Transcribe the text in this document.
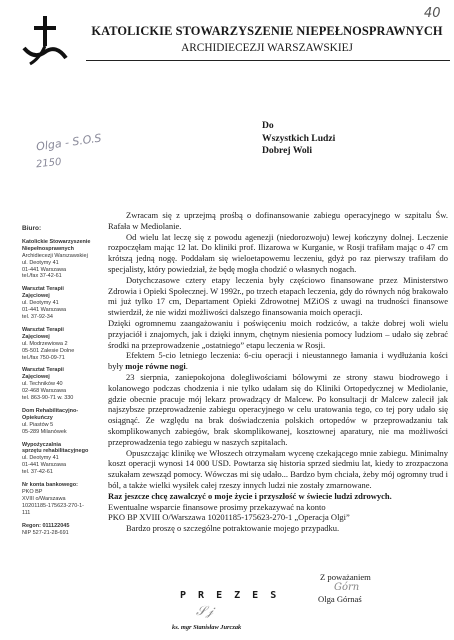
40
KATOLICKIE STOWARZYSZENIE NIEPEŁNOSPRAWNYCH
ARCHIDIECEZJI WARSZAWSKIEJ
Olga - S.O.S
2150
Do
Wszystkich Ludzi
Dobrej Woli
Biuro:
Katolickie Stowarzyszenie
Niepełnosprawnych
Archidiecezji Warszawskiej
ul. Deotymy 41
01-441 Warszawa
tel./fax 37-42-61
Warsztat Terapii
Zajęciowej
ul. Deotymy 41
01-441 Warszawa
tel. 37-92-34
Warsztat Terapii
Zajęciowej
ul. Modrzewiowa 2
05-501 Zalesie Dolne
tel./fax 750-09-71
Warsztat Terapii
Zajęciowej
ul. Techników 40
02-468 Warszawa
tel. 863-90-71 w. 330
Dom Rehabilitacyjno-
Opiekuńczy
ul. Piastów 5
05-289 Milanówek
Wypożyczalnia
sprzętu rehabilitacyjnego
ul. Deotymy 41
01-441 Warszawa
tel. 37-42-61
Nr konta bankowego:
PKO BP
XVIII o/Warszawa
10201185-175623-270-1-111
Regon: 011122045
NIP 527-21-28-691

Zwracam się z uprzejmą prośbą o dofinansowanie zabiegu operacyjnego w szpitalu Św. Rafała w Mediolanie.

Od wielu lat leczę się z powodu agenezji (niedorozwoju) lewej kończyny dolnej. Leczenie rozpoczęłam mając 12 lat. Do kliniki prof. Ilizarowa w Kurganie, w Rosji trafiłam mając o 47 cm krótszą jedną nogę. Poddałam się wieloetapowemu leczeniu, gdyż po raz pierwszy trafiłam do specjalisty, który powiedział, że będę mogła chodzić o własnych nogach.

Dotychczasowe cztery etapy leczenia były częściowo finansowane przez Ministerstwo Zdrowia i Opieki Społecznej. W 1992r., po trzech etapach leczenia, gdy do równych nóg brakowało mi już tylko 17 cm, Departament Opieki Zdrowotnej MZiOS z uwagi na trudności finansowe stwierdził, że nie widzi możliwości dalszego finansowania moich operacji.

Dzięki ogromnemu zaangażowaniu i poświęceniu moich rodziców, a także dobrej woli wielu przyjaciół i znajomych, jak i dzięki innym, chętnym niesienia pomocy ludziom – udało się zebrać środki na przeprowadzenie „ostatniego” etapu leczenia w Rosji.

Efektem 5-cio letniego leczenia: 6-ciu operacji i nieustannego łamania i wydłużania kości były moje równe nogi.

23 sierpnia, zaniepokojona dolegliwościami bólowymi ze strony stawu biodrowego i kolanowego podczas chodzenia i nie tylko udałam się do Kliniki Ortopedycznej w Mediolanie, gdzie obecnie pracuje mój lekarz prowadzący dr Malcew. Po konsultacji dr Malcew zalecił jak najszybsze przeprowadzenie zabiegu operacyjnego w celu uratowania tego, co tej pory udało się osiągnąć. Ze względu na brak doświadczenia polskich ortopedów w przeprowadzaniu tak skomplikowanych zabiegów, brak skomplikowanej, kosztownej aparatury, nie ma możliwości przeprowadzenia tego zabiegu w naszych szpitalach.

Opuszczając klinikę we Włoszech otrzymałam wycenę czekającego mnie zabiegu. Minimalny koszt operacji wynosi 14 000 USD. Powtarza się historia sprzed siedmiu lat, kiedy to zrozpaczona szukałam zewsząd pomocy. Wówczas mi się udało... Bardzo bym chciała, żeby mój ogromny trud i ból, a także wielki wysiłek całej rzeszy innych ludzi nie zostały zmarnowane.

Raz jeszcze chcę zawalczyć o moje życie i przyszłość w świecie ludzi zdrowych.

Ewentualne wsparcie finansowe prosimy przekazywać na konto

PKO BP XVIII O/Warszawa 10201185-175623-270-1 „Operacja Olgi”

Bardzo proszę o szczególne potraktowanie mojego przypadku.

Z poważaniem
Górn
Olga Górnaś
P R E Z E S
𝒮𝒿
ks. mgr Stanisław Jurczak
